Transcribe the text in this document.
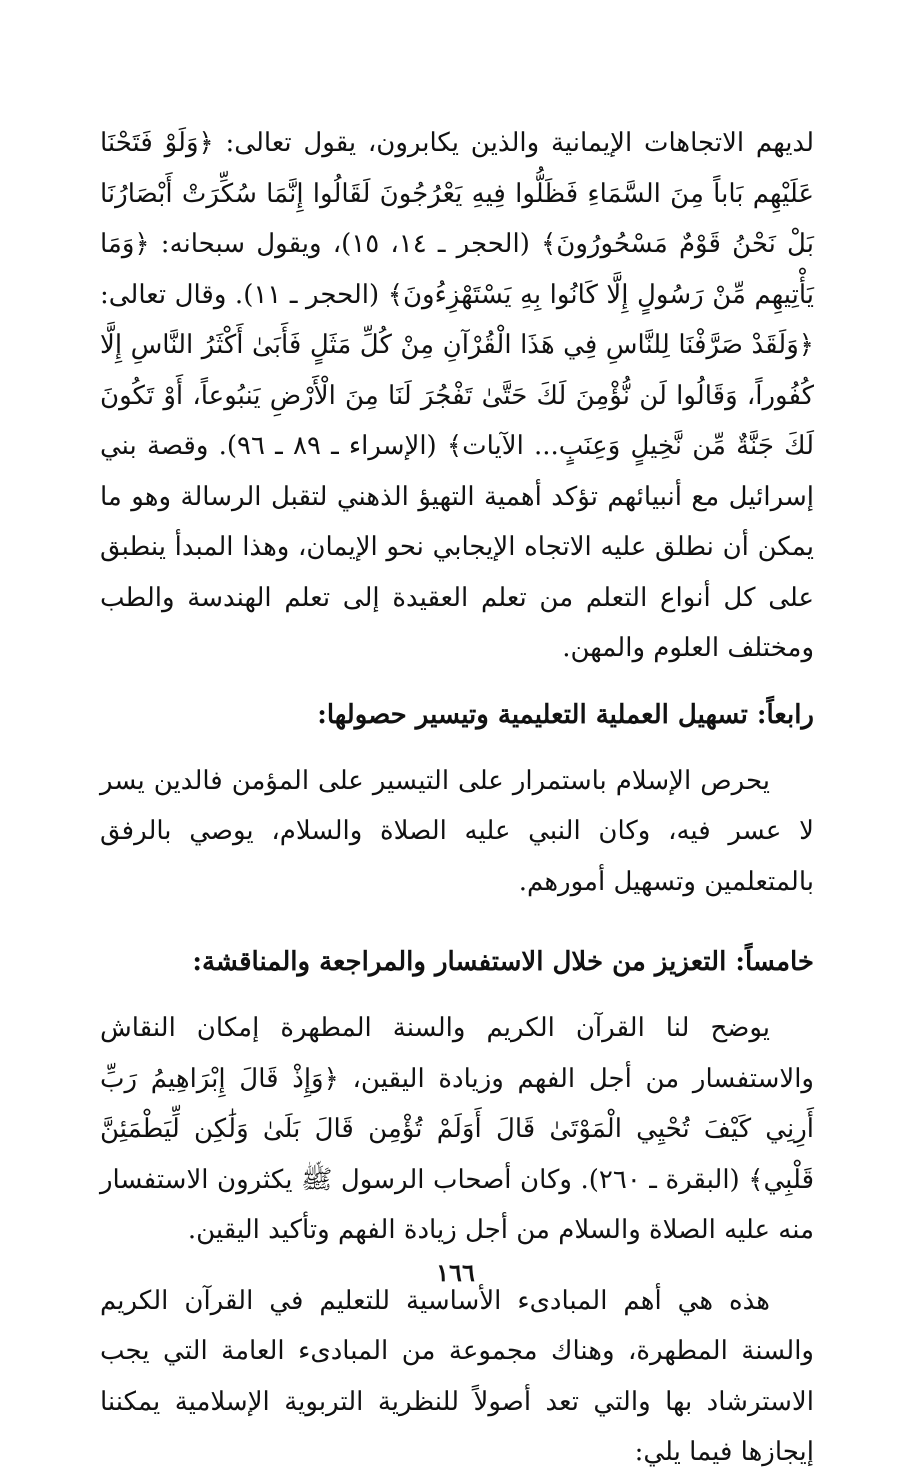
لديهم الاتجاهات الإيمانية والذين يكابرون، يقول تعالى: ﴿وَلَوْ فَتَحْنَا عَلَيْهِم بَاباً مِنَ السَّمَاءِ فَظَلُّوا فِيهِ يَعْرُجُونَ لَقَالُوا إِنَّمَا سُكِّرَتْ أَبْصَارُنَا بَلْ نَحْنُ قَوْمٌ مَسْحُورُونَ﴾ (الحجر ـ ١٤، ١٥)، ويقول سبحانه: ﴿وَمَا يَأْتِيهِم مِّنْ رَسُولٍ إِلَّا كَانُوا بِهِ يَسْتَهْزِءُونَ﴾ (الحجر ـ ١١). وقال تعالى: ﴿وَلَقَدْ صَرَّفْنَا لِلنَّاسِ فِي هَذَا الْقُرْآنِ مِنْ كُلِّ مَثَلٍ فَأَبَىٰ أَكْثَرُ النَّاسِ إِلَّا كُفُوراً، وَقَالُوا لَن نُّؤْمِنَ لَكَ حَتَّىٰ تَفْجُرَ لَنَا مِنَ الْأَرْضِ يَنبُوعاً، أَوْ تَكُونَ لَكَ جَنَّةٌ مِّن نَّخِيلٍ وَعِنَبٍ... الآيات﴾ (الإسراء ـ ٨٩ ـ ٩٦). وقصة بني إسرائيل مع أنبيائهم تؤكد أهمية التهيؤ الذهني لتقبل الرسالة وهو ما يمكن أن نطلق عليه الاتجاه الإيجابي نحو الإيمان، وهذا المبدأ ينطبق على كل أنواع التعلم من تعلم العقيدة إلى تعلم الهندسة والطب ومختلف العلوم والمهن.

رابعاً: تسهيل العملية التعليمية وتيسير حصولها:

يحرص الإسلام باستمرار على التيسير على المؤمن فالدين يسر لا عسر فيه، وكان النبي عليه الصلاة والسلام، يوصي بالرفق بالمتعلمين وتسهيل أمورهم.

خامساً: التعزيز من خلال الاستفسار والمراجعة والمناقشة:

يوضح لنا القرآن الكريم والسنة المطهرة إمكان النقاش والاستفسار من أجل الفهم وزيادة اليقين، ﴿وَإِذْ قَالَ إِبْرَاهِيمُ رَبِّ أَرِنِي كَيْفَ تُحْيِي الْمَوْتَىٰ قَالَ أَوَلَمْ تُؤْمِن قَالَ بَلَىٰ وَلَٰكِن لِّيَطْمَئِنَّ قَلْبِي﴾ (البقرة ـ ٢٦٠). وكان أصحاب الرسول ﷺ يكثرون الاستفسار منه عليه الصلاة والسلام من أجل زيادة الفهم وتأكيد اليقين.

هذه هي أهم المبادىء الأساسية للتعليم في القرآن الكريم والسنة المطهرة، وهناك مجموعة من المبادىء العامة التي يجب الاسترشاد بها والتي تعد أصولاً للنظرية التربوية الإسلامية يمكننا إيجازها فيما يلي:

١٦٦
